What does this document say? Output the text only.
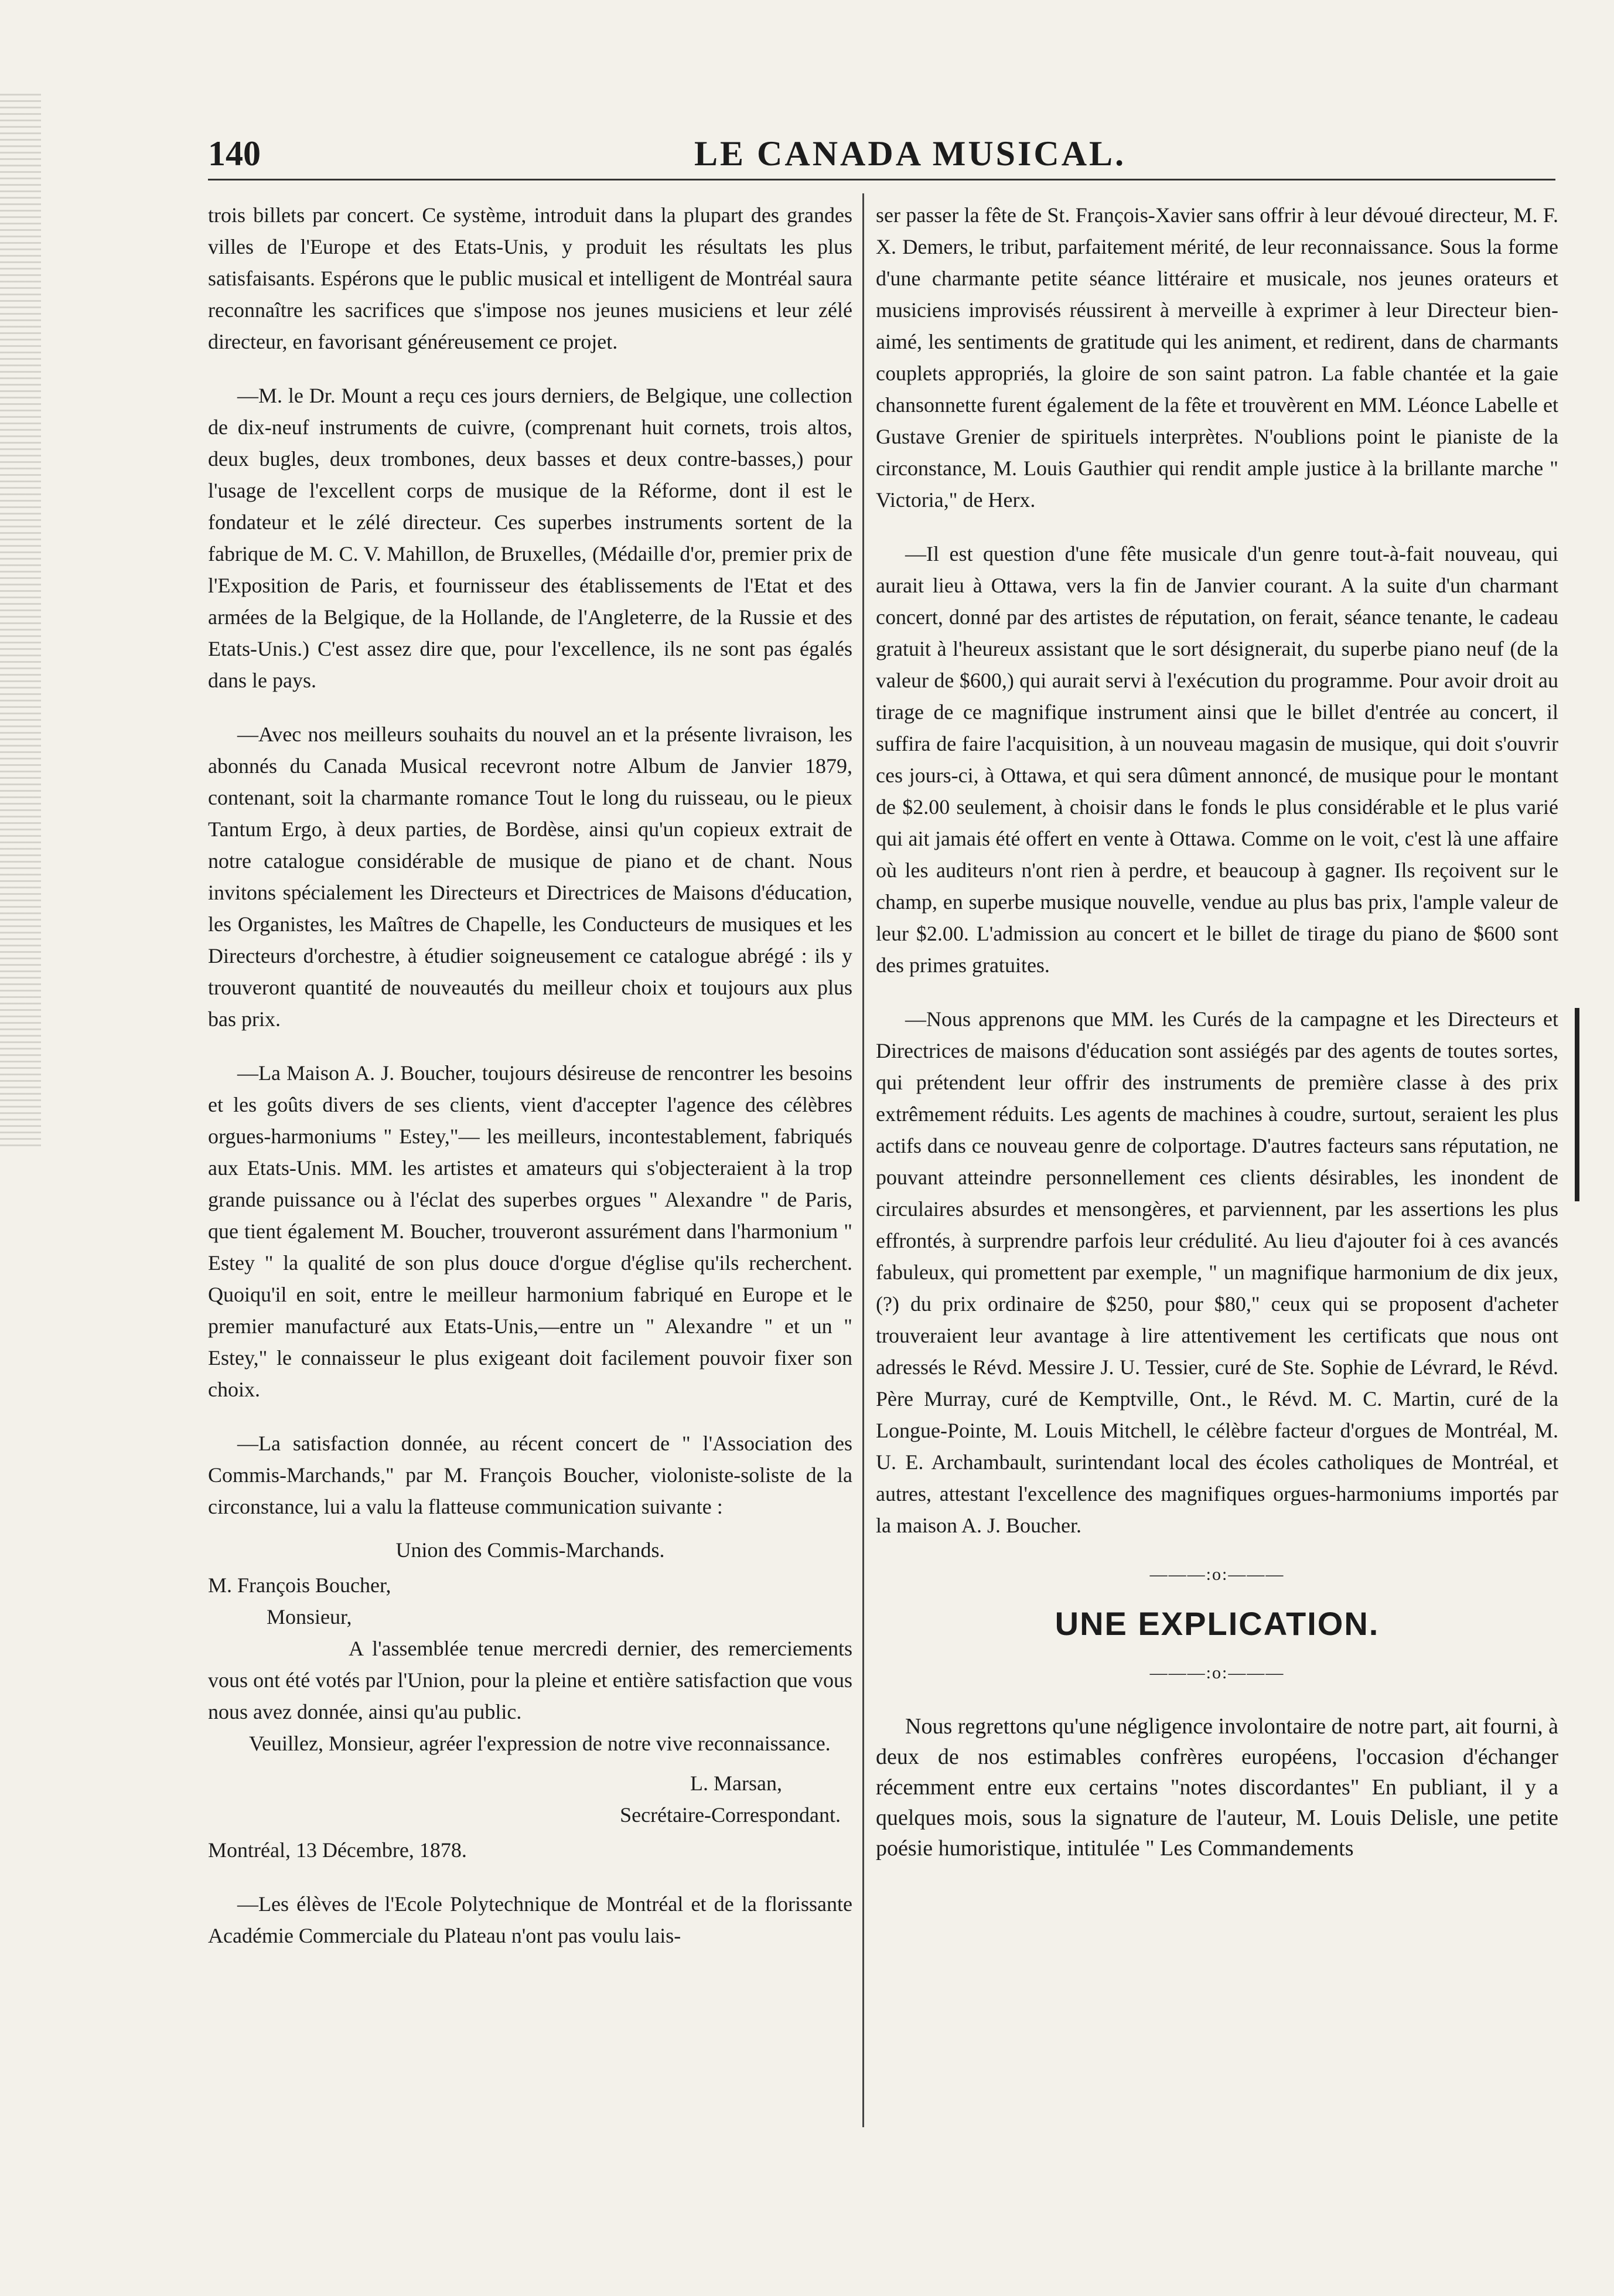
140	LE CANADA MUSICAL.

trois billets par concert. Ce système, introduit dans la plupart des grandes villes de l'Europe et des Etats-Unis, y produit les résultats les plus satisfaisants. Espérons que le public musical et intelligent de Montréal saura reconnaître les sacrifices que s'impose nos jeunes musiciens et leur zélé directeur, en favorisant généreusement ce projet.

—M. le Dr. Mount a reçu ces jours derniers, de Belgique, une collection de dix-neuf instruments de cuivre, (comprenant huit cornets, trois altos, deux bugles, deux trombones, deux basses et deux contre-basses,) pour l'usage de l'excellent corps de musique de la Réforme, dont il est le fondateur et le zélé directeur. Ces superbes instruments sortent de la fabrique de M. C. V. Mahillon, de Bruxelles, (Médaille d'or, premier prix de l'Exposition de Paris, et fournisseur des établissements de l'Etat et des armées de la Belgique, de la Hollande, de l'Angleterre, de la Russie et des Etats-Unis.) C'est assez dire que, pour l'excellence, ils ne sont pas égalés dans le pays.

—Avec nos meilleurs souhaits du nouvel an et la présente livraison, les abonnés du Canada Musical recevront notre Album de Janvier 1879, contenant, soit la charmante romance Tout le long du ruisseau, ou le pieux Tantum Ergo, à deux parties, de Bordèse, ainsi qu'un copieux extrait de notre catalogue considérable de musique de piano et de chant. Nous invitons spécialement les Directeurs et Directrices de Maisons d'éducation, les Organistes, les Maîtres de Chapelle, les Conducteurs de musiques et les Directeurs d'orchestre, à étudier soigneusement ce catalogue abrégé : ils y trouveront quantité de nouveautés du meilleur choix et toujours aux plus bas prix.

—La Maison A. J. Boucher, toujours désireuse de rencontrer les besoins et les goûts divers de ses clients, vient d'accepter l'agence des célèbres orgues-harmoniums " Estey,"— les meilleurs, incontestablement, fabriqués aux Etats-Unis. MM. les artistes et amateurs qui s'objecteraient à la trop grande puissance ou à l'éclat des superbes orgues " Alexandre " de Paris, que tient également M. Boucher, trouveront assurément dans l'harmonium " Estey " la qualité de son plus douce d'orgue d'église qu'ils recherchent. Quoiqu'il en soit, entre le meilleur harmonium fabriqué en Europe et le premier manufacturé aux Etats-Unis,—entre un " Alexandre " et un " Estey," le connaisseur le plus exigeant doit facilement pouvoir fixer son choix.

—La satisfaction donnée, au récent concert de " l'Association des Commis-Marchands," par M. François Boucher, violoniste-soliste de la circonstance, lui a valu la flatteuse communication suivante :

Union des Commis-Marchands.

M. François Boucher,

Monsieur,

A l'assemblée tenue mercredi dernier, des remerciements vous ont été votés par l'Union, pour la pleine et entière satisfaction que vous nous avez donnée, ainsi qu'au public.

Veuillez, Monsieur, agréer l'expression de notre vive reconnaissance.

L. Marsan,

Secrétaire-Correspondant.

Montréal, 13 Décembre, 1878.

—Les élèves de l'Ecole Polytechnique de Montréal et de la florissante Académie Commerciale du Plateau n'ont pas voulu lais-

ser passer la fête de St. François-Xavier sans offrir à leur dévoué directeur, M. F. X. Demers, le tribut, parfaitement mérité, de leur reconnaissance. Sous la forme d'une charmante petite séance littéraire et musicale, nos jeunes orateurs et musiciens improvisés réussirent à merveille à exprimer à leur Directeur bien-aimé, les sentiments de gratitude qui les animent, et redirent, dans de charmants couplets appropriés, la gloire de son saint patron. La fable chantée et la gaie chansonnette furent également de la fête et trouvèrent en MM. Léonce Labelle et Gustave Grenier de spirituels interprètes. N'oublions point le pianiste de la circonstance, M. Louis Gauthier qui rendit ample justice à la brillante marche " Victoria," de Herx.

—Il est question d'une fête musicale d'un genre tout-à-fait nouveau, qui aurait lieu à Ottawa, vers la fin de Janvier courant. A la suite d'un charmant concert, donné par des artistes de réputation, on ferait, séance tenante, le cadeau gratuit à l'heureux assistant que le sort désignerait, du superbe piano neuf (de la valeur de $600,) qui aurait servi à l'exécution du programme. Pour avoir droit au tirage de ce magnifique instrument ainsi que le billet d'entrée au concert, il suffira de faire l'acquisition, à un nouveau magasin de musique, qui doit s'ouvrir ces jours-ci, à Ottawa, et qui sera dûment annoncé, de musique pour le montant de $2.00 seulement, à choisir dans le fonds le plus considérable et le plus varié qui ait jamais été offert en vente à Ottawa. Comme on le voit, c'est là une affaire où les auditeurs n'ont rien à perdre, et beaucoup à gagner. Ils reçoivent sur le champ, en superbe musique nouvelle, vendue au plus bas prix, l'ample valeur de leur $2.00. L'admission au concert et le billet de tirage du piano de $600 sont des primes gratuites.

—Nous apprenons que MM. les Curés de la campagne et les Directeurs et Directrices de maisons d'éducation sont assiégés par des agents de toutes sortes, qui prétendent leur offrir des instruments de première classe à des prix extrêmement réduits. Les agents de machines à coudre, surtout, seraient les plus actifs dans ce nouveau genre de colportage. D'autres facteurs sans réputation, ne pouvant atteindre personnellement ces clients désirables, les inondent de circulaires absurdes et mensongères, et parviennent, par les assertions les plus effrontés, à surprendre parfois leur crédulité. Au lieu d'ajouter foi à ces avancés fabuleux, qui promettent par exemple, " un magnifique harmonium de dix jeux, (?) du prix ordinaire de $250, pour $80," ceux qui se proposent d'acheter trouveraient leur avantage à lire attentivement les certificats que nous ont adressés le Révd. Messire J. U. Tessier, curé de Ste. Sophie de Lévrard, le Révd. Père Murray, curé de Kemptville, Ont., le Révd. M. C. Martin, curé de la Longue-Pointe, M. Louis Mitchell, le célèbre facteur d'orgues de Montréal, M. U. E. Archambault, surintendant local des écoles catholiques de Montréal, et autres, attestant l'excellence des magnifiques orgues-harmoniums importés par la maison A. J. Boucher.

———:o:———
UNE EXPLICATION.
———:o:———

Nous regrettons qu'une négligence involontaire de notre part, ait fourni, à deux de nos estimables confrères européens, l'occasion d'échanger récemment entre eux certains "notes discordantes" En publiant, il y a quelques mois, sous la signature de l'auteur, M. Louis Delisle, une petite poésie humoristique, intitulée " Les Commandements
